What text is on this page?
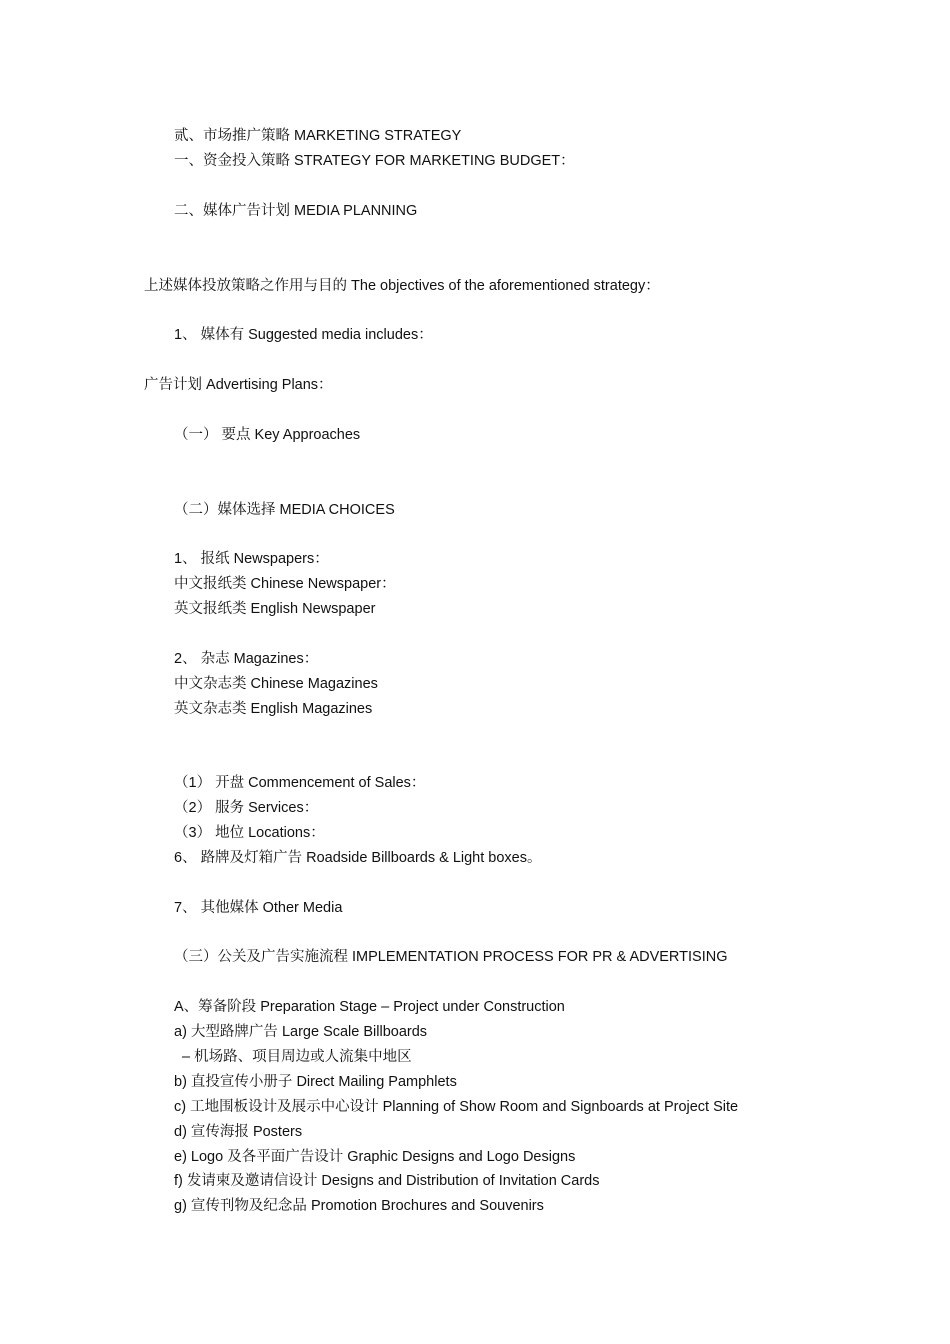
贰、市场推广策略 MARKETING STRATEGY
一、资金投入策略 STRATEGY FOR MARKETING BUDGET：
二、媒体广告计划 MEDIA PLANNING
上述媒体投放策略之作用与目的 The objectives of the aforementioned strategy：
1、 媒体有 Suggested media includes：
广告计划 Advertising Plans：
（一） 要点 Key Approaches
（二）媒体选择 MEDIA CHOICES
1、 报纸 Newspapers：
中文报纸类 Chinese Newspaper：
英文报纸类 English Newspaper
2、 杂志 Magazines：
中文杂志类 Chinese Magazines
英文杂志类 English Magazines
（1） 开盘 Commencement of Sales：
（2） 服务 Services：
（3） 地位 Locations：
6、 路牌及灯箱广告 Roadside Billboards & Light boxes。
7、 其他媒体 Other Media
（三）公关及广告实施流程 IMPLEMENTATION PROCESS FOR PR & ADVERTISING
A、筹备阶段 Preparation Stage – Project under Construction
a) 大型路牌广告 Large Scale Billboards
– 机场路、项目周边或人流集中地区
b) 直投宣传小册子 Direct Mailing Pamphlets
c) 工地围板设计及展示中心设计 Planning of Show Room and Signboards at Project Site
d) 宣传海报 Posters
e) Logo 及各平面广告设计 Graphic Designs and Logo Designs
f) 发请柬及邀请信设计 Designs and Distribution of Invitation Cards
g) 宣传刊物及纪念品 Promotion Brochures and Souvenirs
